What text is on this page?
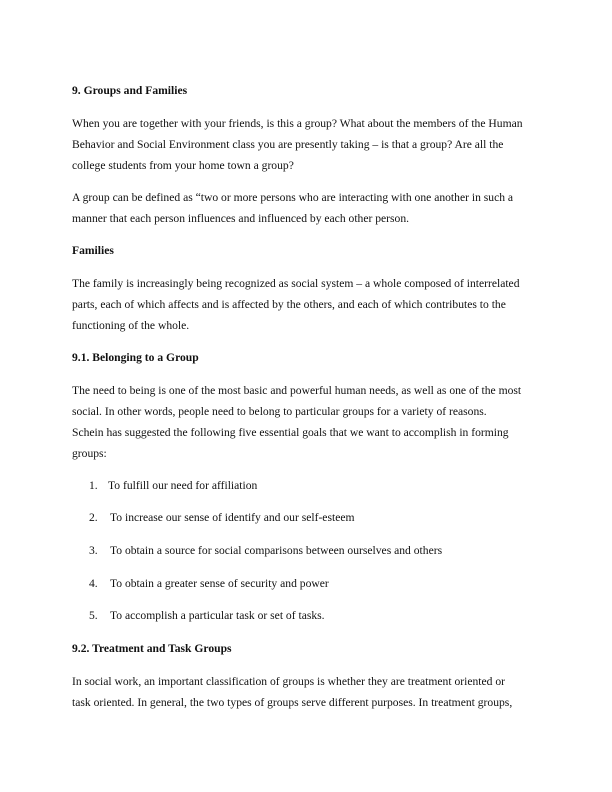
9. Groups and Families
When you are together with your friends, is this a group? What about the members of the Human
Behavior and Social Environment class you are presently taking – is that a group? Are all the
college students from your home town a group?
A group can be defined as “two or more persons who are interacting with one another in such a
manner that each person influences and influenced by each other person.
Families
The family is increasingly being recognized as social system – a whole composed of interrelated
parts, each of which affects and is affected by the others, and each of which contributes to the
functioning of the whole.
9.1. Belonging to a Group
The need to being is one of the most basic and powerful human needs, as well as one of the most
social. In other words, people need to belong to particular groups for a variety of reasons.
Schein has suggested the following five essential goals that we want to accomplish in forming
groups:
1. To fulfill our need for affiliation
2. To increase our sense of identify and our self-esteem
3. To obtain a source for social comparisons between ourselves and others
4. To obtain a greater sense of security and power
5. To accomplish a particular task or set of tasks.
9.2. Treatment and Task Groups
In social work, an important classification of groups is whether they are treatment oriented or
task oriented. In general, the two types of groups serve different purposes. In treatment groups,
